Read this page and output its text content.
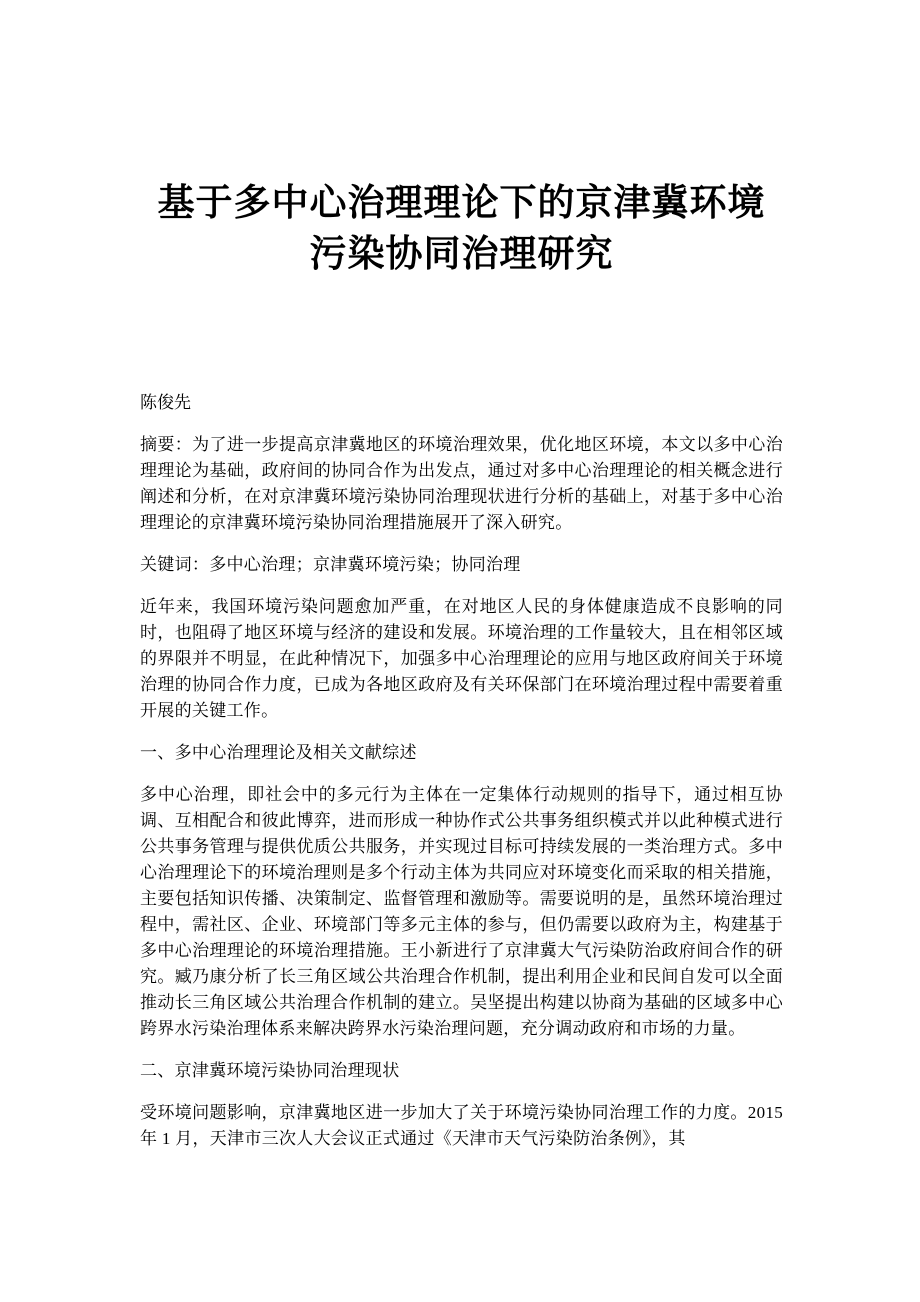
基于多中心治理理论下的京津冀环境污染协同治理研究
陈俊先

摘要：为了进一步提高京津冀地区的环境治理效果，优化地区环境，本文以多中心治理理论为基础，政府间的协同合作为出发点，通过对多中心治理理论的相关概念进行阐述和分析，在对京津冀环境污染协同治理现状进行分析的基础上，对基于多中心治理理论的京津冀环境污染协同治理措施展开了深入研究。

关键词：多中心治理；京津冀环境污染；协同治理

近年来，我国环境污染问题愈加严重，在对地区人民的身体健康造成不良影响的同时，也阻碍了地区环境与经济的建设和发展。环境治理的工作量较大，且在相邻区域的界限并不明显，在此种情况下，加强多中心治理理论的应用与地区政府间关于环境治理的协同合作力度，已成为各地区政府及有关环保部门在环境治理过程中需要着重开展的关键工作。

一、多中心治理理论及相关文献综述

多中心治理，即社会中的多元行为主体在一定集体行动规则的指导下，通过相互协调、互相配合和彼此博弈，进而形成一种协作式公共事务组织模式并以此种模式进行公共事务管理与提供优质公共服务，并实现过目标可持续发展的一类治理方式。多中心治理理论下的环境治理则是多个行动主体为共同应对环境变化而采取的相关措施，主要包括知识传播、决策制定、监督管理和激励等。需要说明的是，虽然环境治理过程中，需社区、企业、环境部门等多元主体的参与，但仍需要以政府为主，构建基于多中心治理理论的环境治理措施。王小新进行了京津冀大气污染防治政府间合作的研究。臧乃康分析了长三角区域公共治理合作机制，提出利用企业和民间自发可以全面推动长三角区域公共治理合作机制的建立。吴坚提出构建以协商为基础的区域多中心跨界水污染治理体系来解决跨界水污染治理问题，充分调动政府和市场的力量。

二、京津冀环境污染协同治理现状

受环境问题影响，京津冀地区进一步加大了关于环境污染协同治理工作的力度。2015 年 1 月，天津市三次人大会议正式通过《天津市天气污染防治条例》，其
